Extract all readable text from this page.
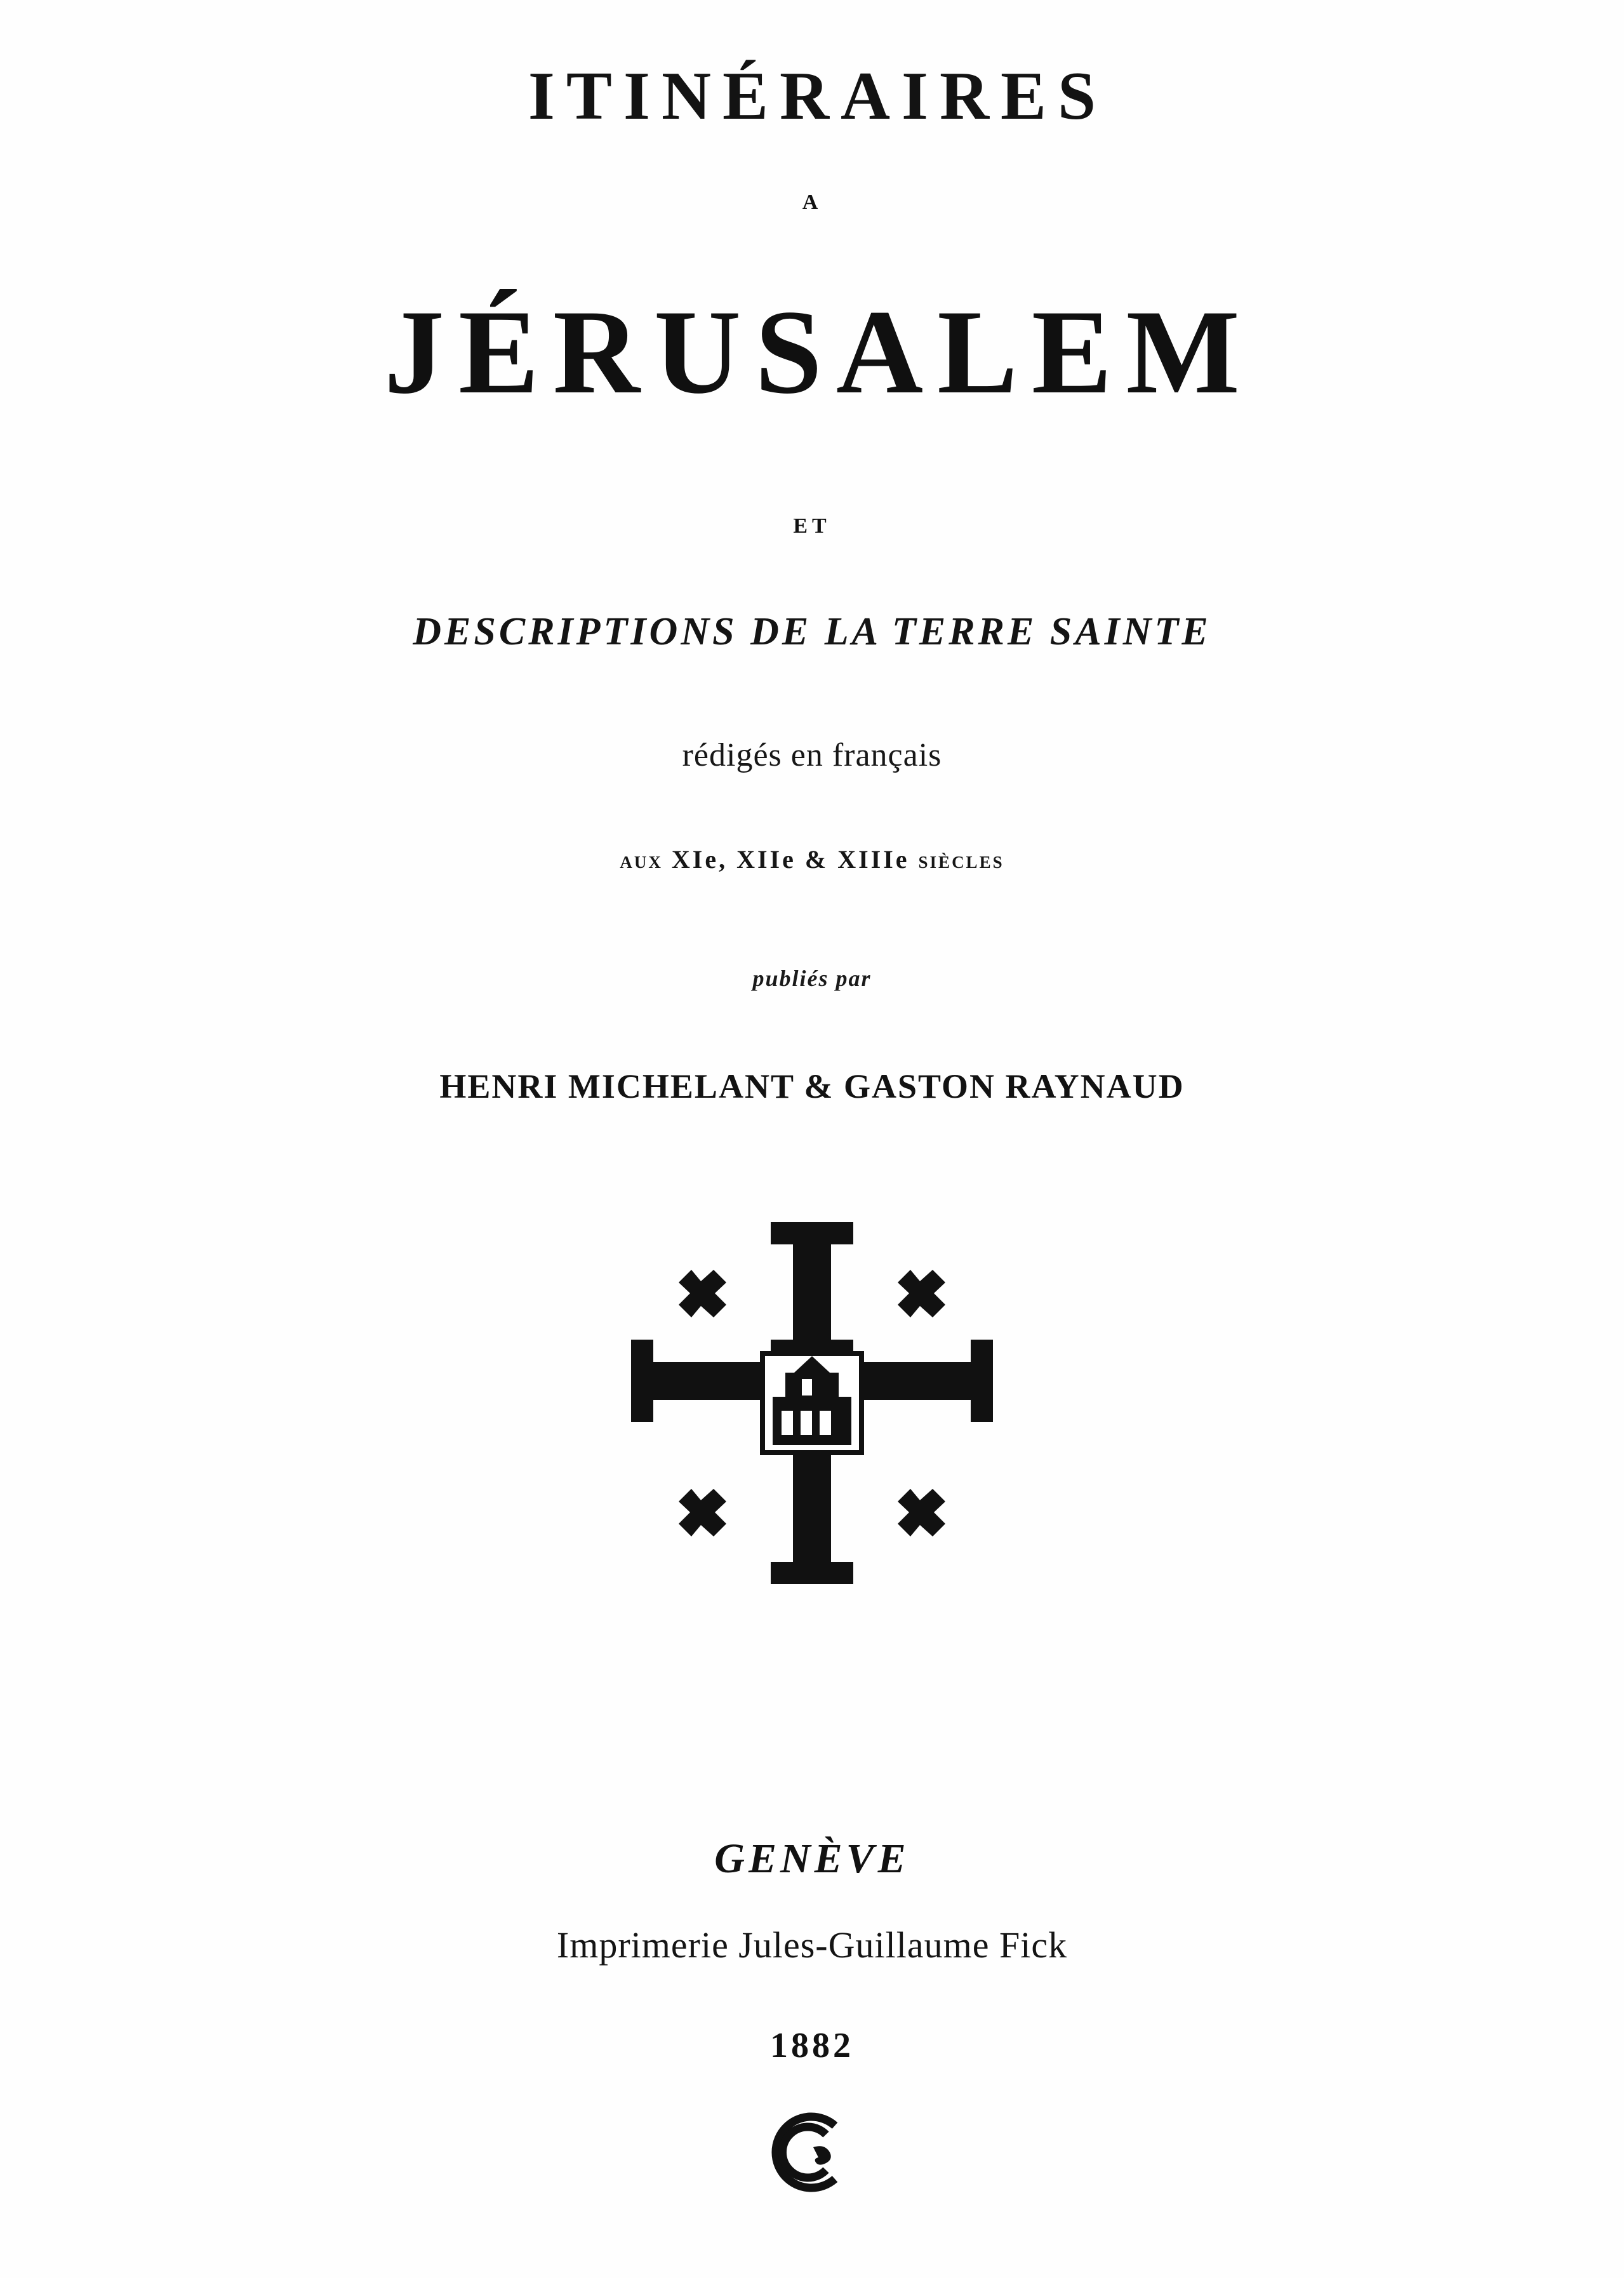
ITINÉRAIRES
A
JÉRUSALEM
ET
DESCRIPTIONS DE LA TERRE SAINTE
rédigés en français
AUX XIe, XIIe & XIIIe SIÈCLES
publiés par
HENRI MICHELANT & GASTON RAYNAUD
GENÈVE
Imprimerie Jules-Guillaume Fick
1882
